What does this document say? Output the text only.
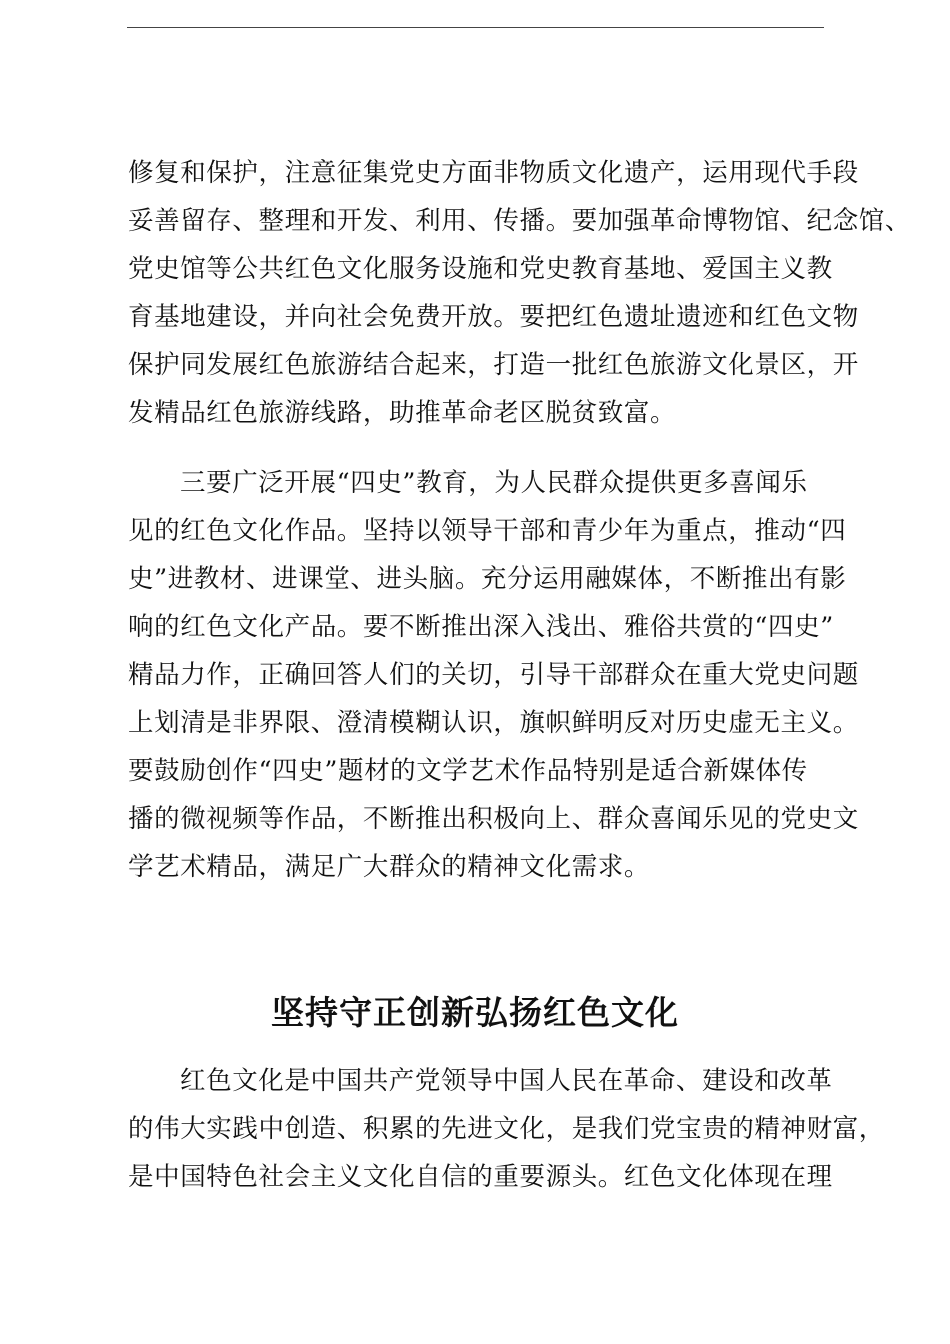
修复和保护，注意征集党史方面非物质文化遗产，运用现代手段
妥善留存、整理和开发、利用、传播。要加强革命博物馆、纪念馆、
党史馆等公共红色文化服务设施和党史教育基地、爱国主义教
育基地建设，并向社会免费开放。要把红色遗址遗迹和红色文物
保护同发展红色旅游结合起来，打造一批红色旅游文化景区，开
发精品红色旅游线路，助推革命老区脱贫致富。
三要广泛开展“四史”教育，为人民群众提供更多喜闻乐
见的红色文化作品。坚持以领导干部和青少年为重点，推动“四
史”进教材、进课堂、进头脑。充分运用融媒体，不断推出有影
响的红色文化产品。要不断推出深入浅出、雅俗共赏的“四史”
精品力作，正确回答人们的关切，引导干部群众在重大党史问题
上划清是非界限、澄清模糊认识，旗帜鲜明反对历史虚无主义。
要鼓励创作“四史”题材的文学艺术作品特别是适合新媒体传
播的微视频等作品，不断推出积极向上、群众喜闻乐见的党史文
学艺术精品，满足广大群众的精神文化需求。
坚持守正创新弘扬红色文化
红色文化是中国共产党领导中国人民在革命、建设和改革
的伟大实践中创造、积累的先进文化，是我们党宝贵的精神财富，
是中国特色社会主义文化自信的重要源头。红色文化体现在理
